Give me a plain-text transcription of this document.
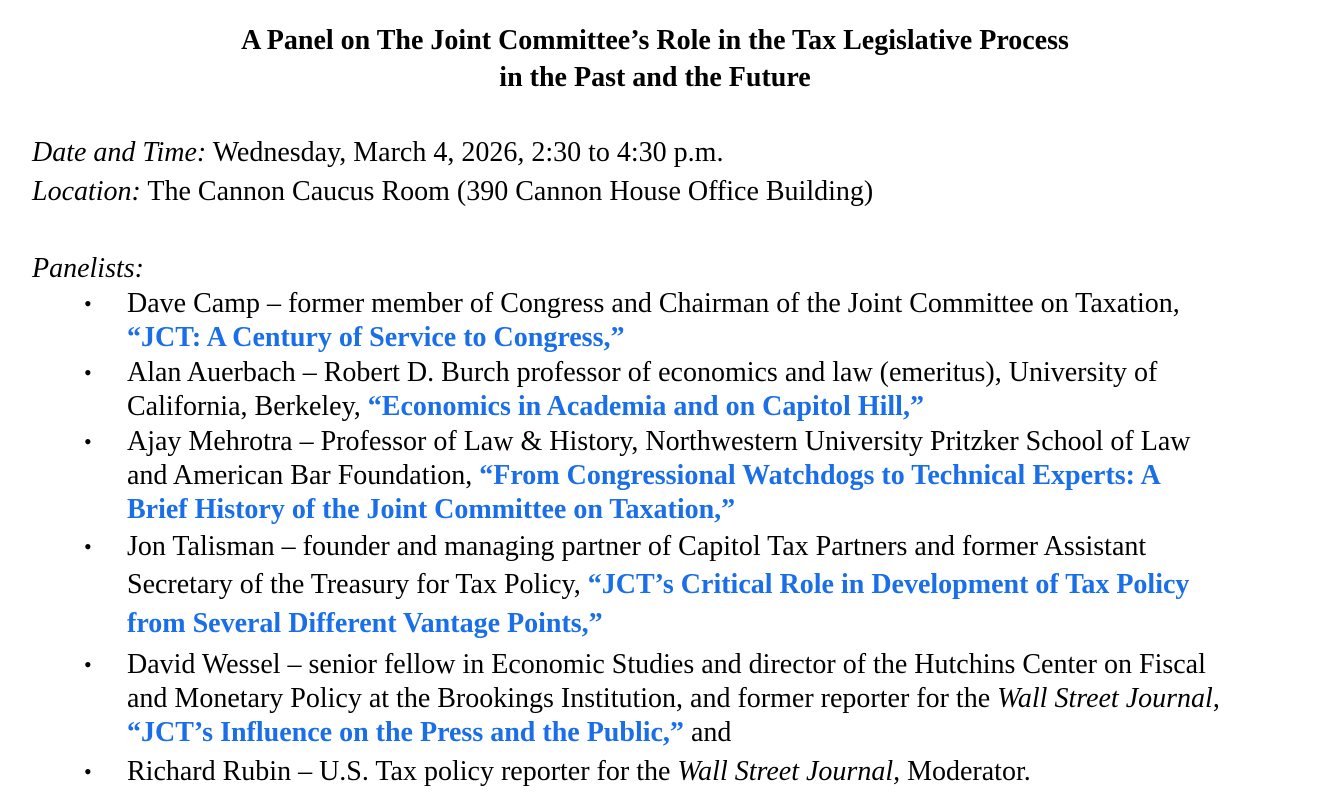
A Panel on The Joint Committee’s Role in the Tax Legislative Process
in the Past and the Future
Date and Time: Wednesday, March 4, 2026, 2:30 to 4:30 p.m.
Location: The Cannon Caucus Room (390 Cannon House Office Building)
Panelists:
• Dave Camp – former member of Congress and Chairman of the Joint Committee on Taxation,
“JCT: A Century of Service to Congress,”
• Alan Auerbach – Robert D. Burch professor of economics and law (emeritus), University of
California, Berkeley, “Economics in Academia and on Capitol Hill,”
• Ajay Mehrotra – Professor of Law & History, Northwestern University Pritzker School of Law
and American Bar Foundation, “From Congressional Watchdogs to Technical Experts: A
Brief History of the Joint Committee on Taxation,”
• Jon Talisman – founder and managing partner of Capitol Tax Partners and former Assistant
Secretary of the Treasury for Tax Policy, “JCT’s Critical Role in Development of Tax Policy
from Several Different Vantage Points,”
• David Wessel – senior fellow in Economic Studies and director of the Hutchins Center on Fiscal
and Monetary Policy at the Brookings Institution, and former reporter for the Wall Street Journal,
“JCT’s Influence on the Press and the Public,” and
• Richard Rubin – U.S. Tax policy reporter for the Wall Street Journal, Moderator.
